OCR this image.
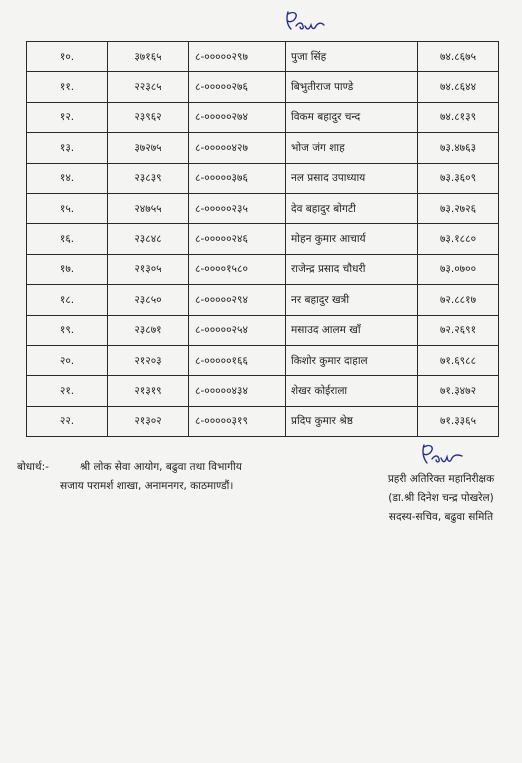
१०.	३७१६५	८-०००००२९७	पुजा सिंह	७४.८६७५
११.	२२३८५	८-०००००२७६	बिभुतीराज पाण्डे	७४.८६४४
१२.	२३९६२	८-०००००२७४	विकम बहादुर चन्द	७४.८१३९
१३.	३७२७५	८-०००००४२७	भोज जंग शाह	७३.४७६३
१४.	२३८३९	८-०००००३७६	नल प्रसाद उपाध्याय	७३.३६०९
१५.	२४७५५	८-०००००२३५	देव बहादुर बोगटी	७३.२७२६
१६.	२३८४८	८-०००००२४६	मोहन कुमार आचार्य	७३.१८८०
१७.	२१३०५	८-००००१५८०	राजेन्द्र प्रसाद चौधरी	७३.०७००
१८.	२३८५०	८-०००००२९४	नर बहादुर खत्री	७२.८८१७
१९.	२३८७१	८-०००००२५४	मसाउद आलम खाँ	७२.२६९१
२०.	२१२०३	८-०००००१६६	किशोर कुमार दाहाल	७१.६९८८
२१.	२१३१९	८-०००००४३४	शेखर कोईराला	७१.३४७२
२२.	२१३०२	८-०००००३१९	प्रदिप कुमार श्रेष्ठ	७१.३३६५
बोधार्थ:-	श्री लोक सेवा आयोग, बढुवा तथा विभागीय
सजाय परामर्श शाखा, अनामनगर, काठमाण्डौं।
प्रहरी अतिरिक्त महानिरीक्षक
(डा.श्री दिनेश चन्द्र पोखरेल)
सदस्य-सचिव, बढुवा समिति
